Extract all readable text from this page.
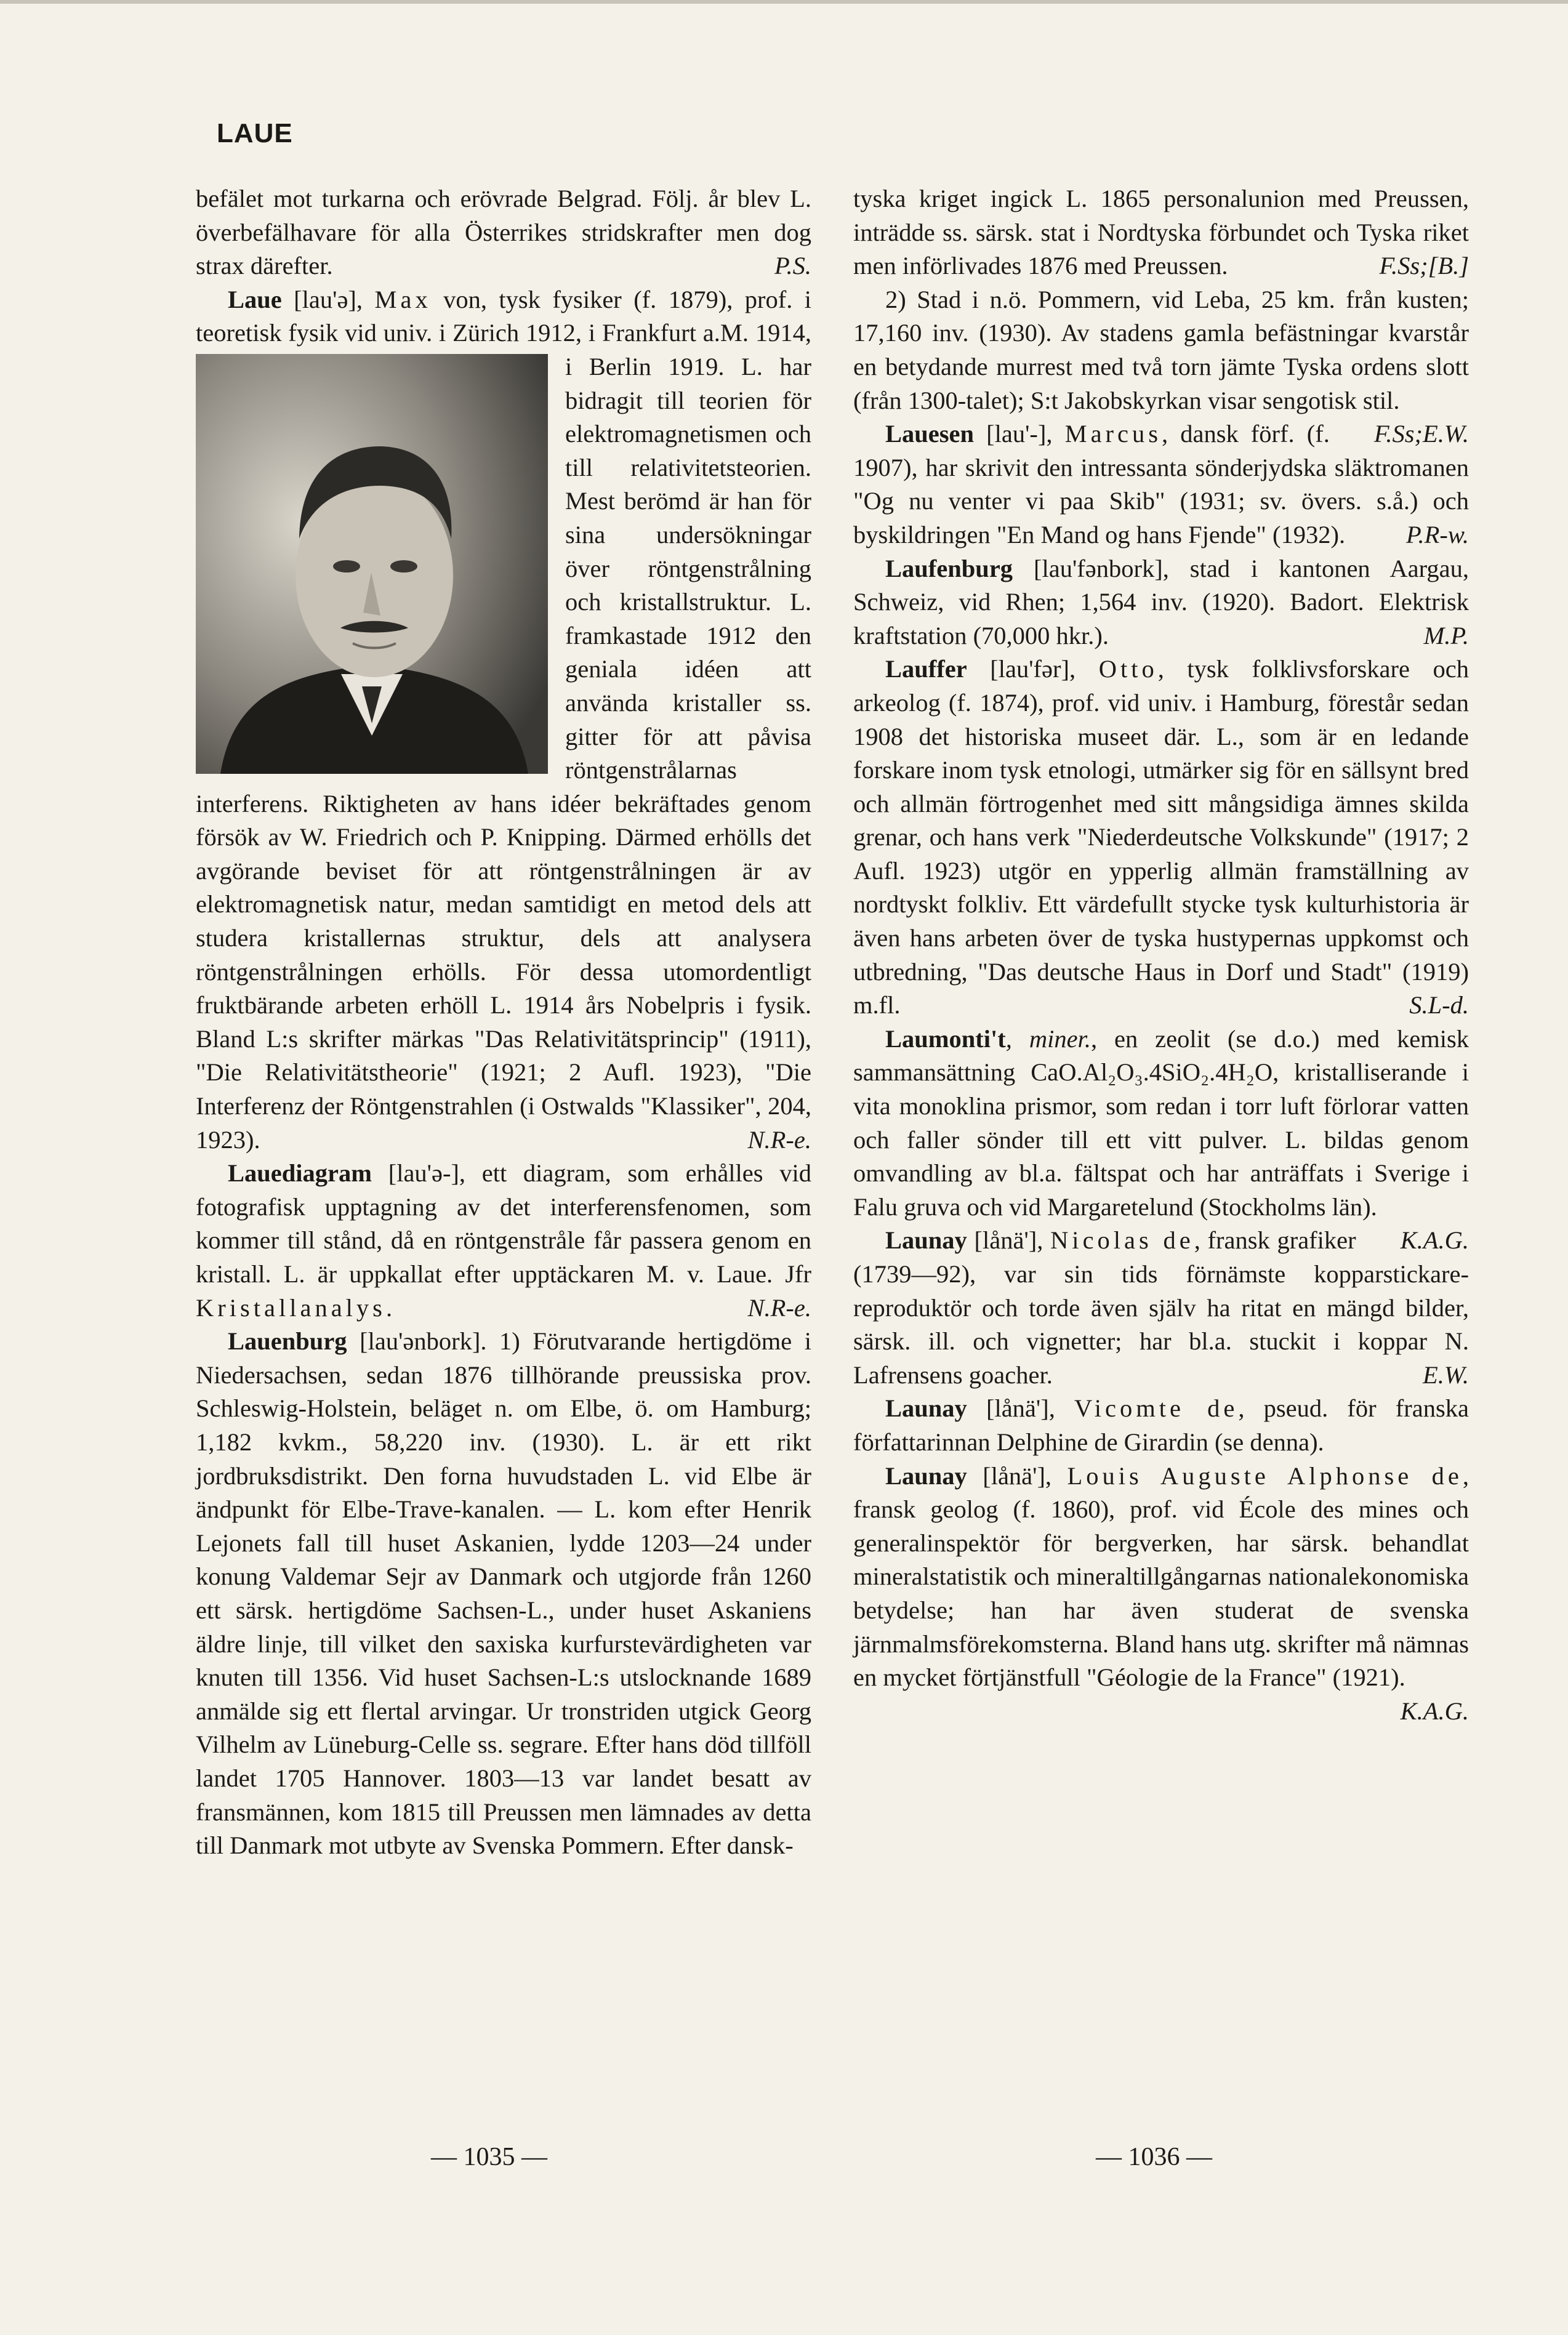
LAUE

befälet mot turkarna och erövrade Belgrad. Följ. år blev L. överbefälhavare för alla Österrikes stridskrafter men dog strax därefter.	P.S.

Laue [lau'ə], Max von, tysk fysiker (f. 1879), prof. i teoretisk fysik vid univ. i Zürich 1912,
i Frankfurt a.M. 1914, i Berlin 1919. L. har bidragit till teorien för elektromagnetismen och till relativitetsteorien. Mest berömd är han för sina undersökningar över röntgenstrålning och kristallstruktur. L. framkastade 1912 den geniala idéen att använda kristaller ss. gitter för att påvisa röntgenstrålarnas interferens. Riktigheten av hans idéer bekräftades genom försök av W. Friedrich och P. Knipping. Därmed erhölls det avgörande beviset för att röntgenstrålningen är av elektromagnetisk natur, medan samtidigt en metod dels att studera kristallernas struktur, dels att analysera röntgenstrålningen erhölls. För dessa utomordentligt fruktbärande arbeten erhöll L. 1914 års Nobelpris i fysik. Bland L:s skrifter märkas "Das Relativitätsprincip" (1911), "Die Relativitätstheorie" (1921; 2 Aufl. 1923), "Die Interferenz der Röntgenstrahlen (i Ostwalds "Klassiker", 204, 1923).	N.R-e.

Lauediagram [lau'ə-], ett diagram, som erhålles vid fotografisk upptagning av det interferensfenomen, som kommer till stånd, då en röntgenstråle får passera genom en kristall. L. är uppkallat efter upptäckaren M. v. Laue. Jfr Kristallanalys.	N.R-e.

Lauenburg [lau'ənbork]. 1) Förutvarande hertigdöme i Niedersachsen, sedan 1876 tillhörande preussiska prov. Schleswig-Holstein, beläget n. om Elbe, ö. om Hamburg; 1,182 kvkm., 58,220 inv. (1930). L. är ett rikt jordbruksdistrikt. Den forna huvudstaden L. vid Elbe är ändpunkt för Elbe-Trave-kanalen. — L. kom efter Henrik Lejonets fall till huset Askanien, lydde 1203—24 under konung Valdemar Sejr av Danmark och utgjorde från 1260 ett särsk. hertigdöme Sachsen-L., under huset Askaniens äldre linje, till vilket den saxiska kurfurstevärdigheten var knuten till 1356. Vid huset Sachsen-L:s utslocknande 1689 anmälde sig ett flertal arvingar. Ur tronstriden utgick Georg Vilhelm av Lüneburg-Celle ss. segrare. Efter hans död tillföll landet 1705 Hannover. 1803—13 var landet besatt av fransmännen, kom 1815 till Preussen men lämnades av detta till Danmark mot utbyte av Svenska Pommern. Efter dansk-

tyska kriget ingick L. 1865 personalunion med Preussen, inträdde ss. särsk. stat i Nordtyska förbundet och Tyska riket men införlivades 1876 med Preussen.	F.Ss;[B.]

2) Stad i n.ö. Pommern, vid Leba, 25 km. från kusten; 17,160 inv. (1930). Av stadens gamla befästningar kvarstår en betydande murrest med två torn jämte Tyska ordens slott (från 1300-talet); S:t Jakobskyrkan visar sengotisk stil.
F.Ss;E.W.

Lauesen [lau'-], Marcus, dansk förf. (f. 1907), har skrivit den intressanta sönderjydska släktromanen "Og nu venter vi paa Skib" (1931; sv. övers. s.å.) och byskildringen "En Mand og hans Fjende" (1932).	P.R-w.

Laufenburg [lau'fənbork], stad i kantonen Aargau, Schweiz, vid Rhen; 1,564 inv. (1920). Badort. Elektrisk kraftstation (70,000 hkr.).	M.P.

Lauffer [lau'fər], Otto, tysk folklivsforskare och arkeolog (f. 1874), prof. vid univ. i Hamburg, förestår sedan 1908 det historiska museet där. L., som är en ledande forskare inom tysk etnologi, utmärker sig för en sällsynt bred och allmän förtrogenhet med sitt mångsidiga ämnes skilda grenar, och hans verk "Niederdeutsche Volkskunde" (1917; 2 Aufl. 1923) utgör en ypperlig allmän framställning av nordtyskt folkliv. Ett värdefullt stycke tysk kulturhistoria är även hans arbeten över de tyska hustypernas uppkomst och utbredning, "Das deutsche Haus in Dorf und Stadt" (1919) m.fl.	S.L-d.

Laumonti't, miner., en zeolit (se d.o.) med kemisk sammansättning CaO.Al₂O₃.4SiO₂.4H₂O, kristalliserande i vita monoklina prismor, som redan i torr luft förlorar vatten och faller sönder till ett vitt pulver. L. bildas genom omvandling av bl.a. fältspat och har anträffats i Sverige i Falu gruva och vid Margaretelund (Stockholms län).
K.A.G.

Launay [lånä'], Nicolas de, fransk grafiker (1739—92), var sin tids förnämste kopparstickare-reproduktör och torde även själv ha ritat en mängd bilder, särsk. ill. och vignetter; har bl.a. stuckit i koppar N. Lafrensens goacher.	E.W.

Launay [lånä'], Vicomte de, pseud. för franska författarinnan Delphine de Girardin (se denna).

Launay [lånä'], Louis Auguste Alphonse de, fransk geolog (f. 1860), prof. vid École des mines och generalinspektör för bergverken, har särsk. behandlat mineralstatistik och mineraltillgångarnas nationalekonomiska betydelse; han har även studerat de svenska järnmalmsförekomsterna. Bland hans utg. skrifter må nämnas en mycket förtjänstfull "Géologie de la France" (1921).
K.A.G.

— 1035 —	— 1036 —
